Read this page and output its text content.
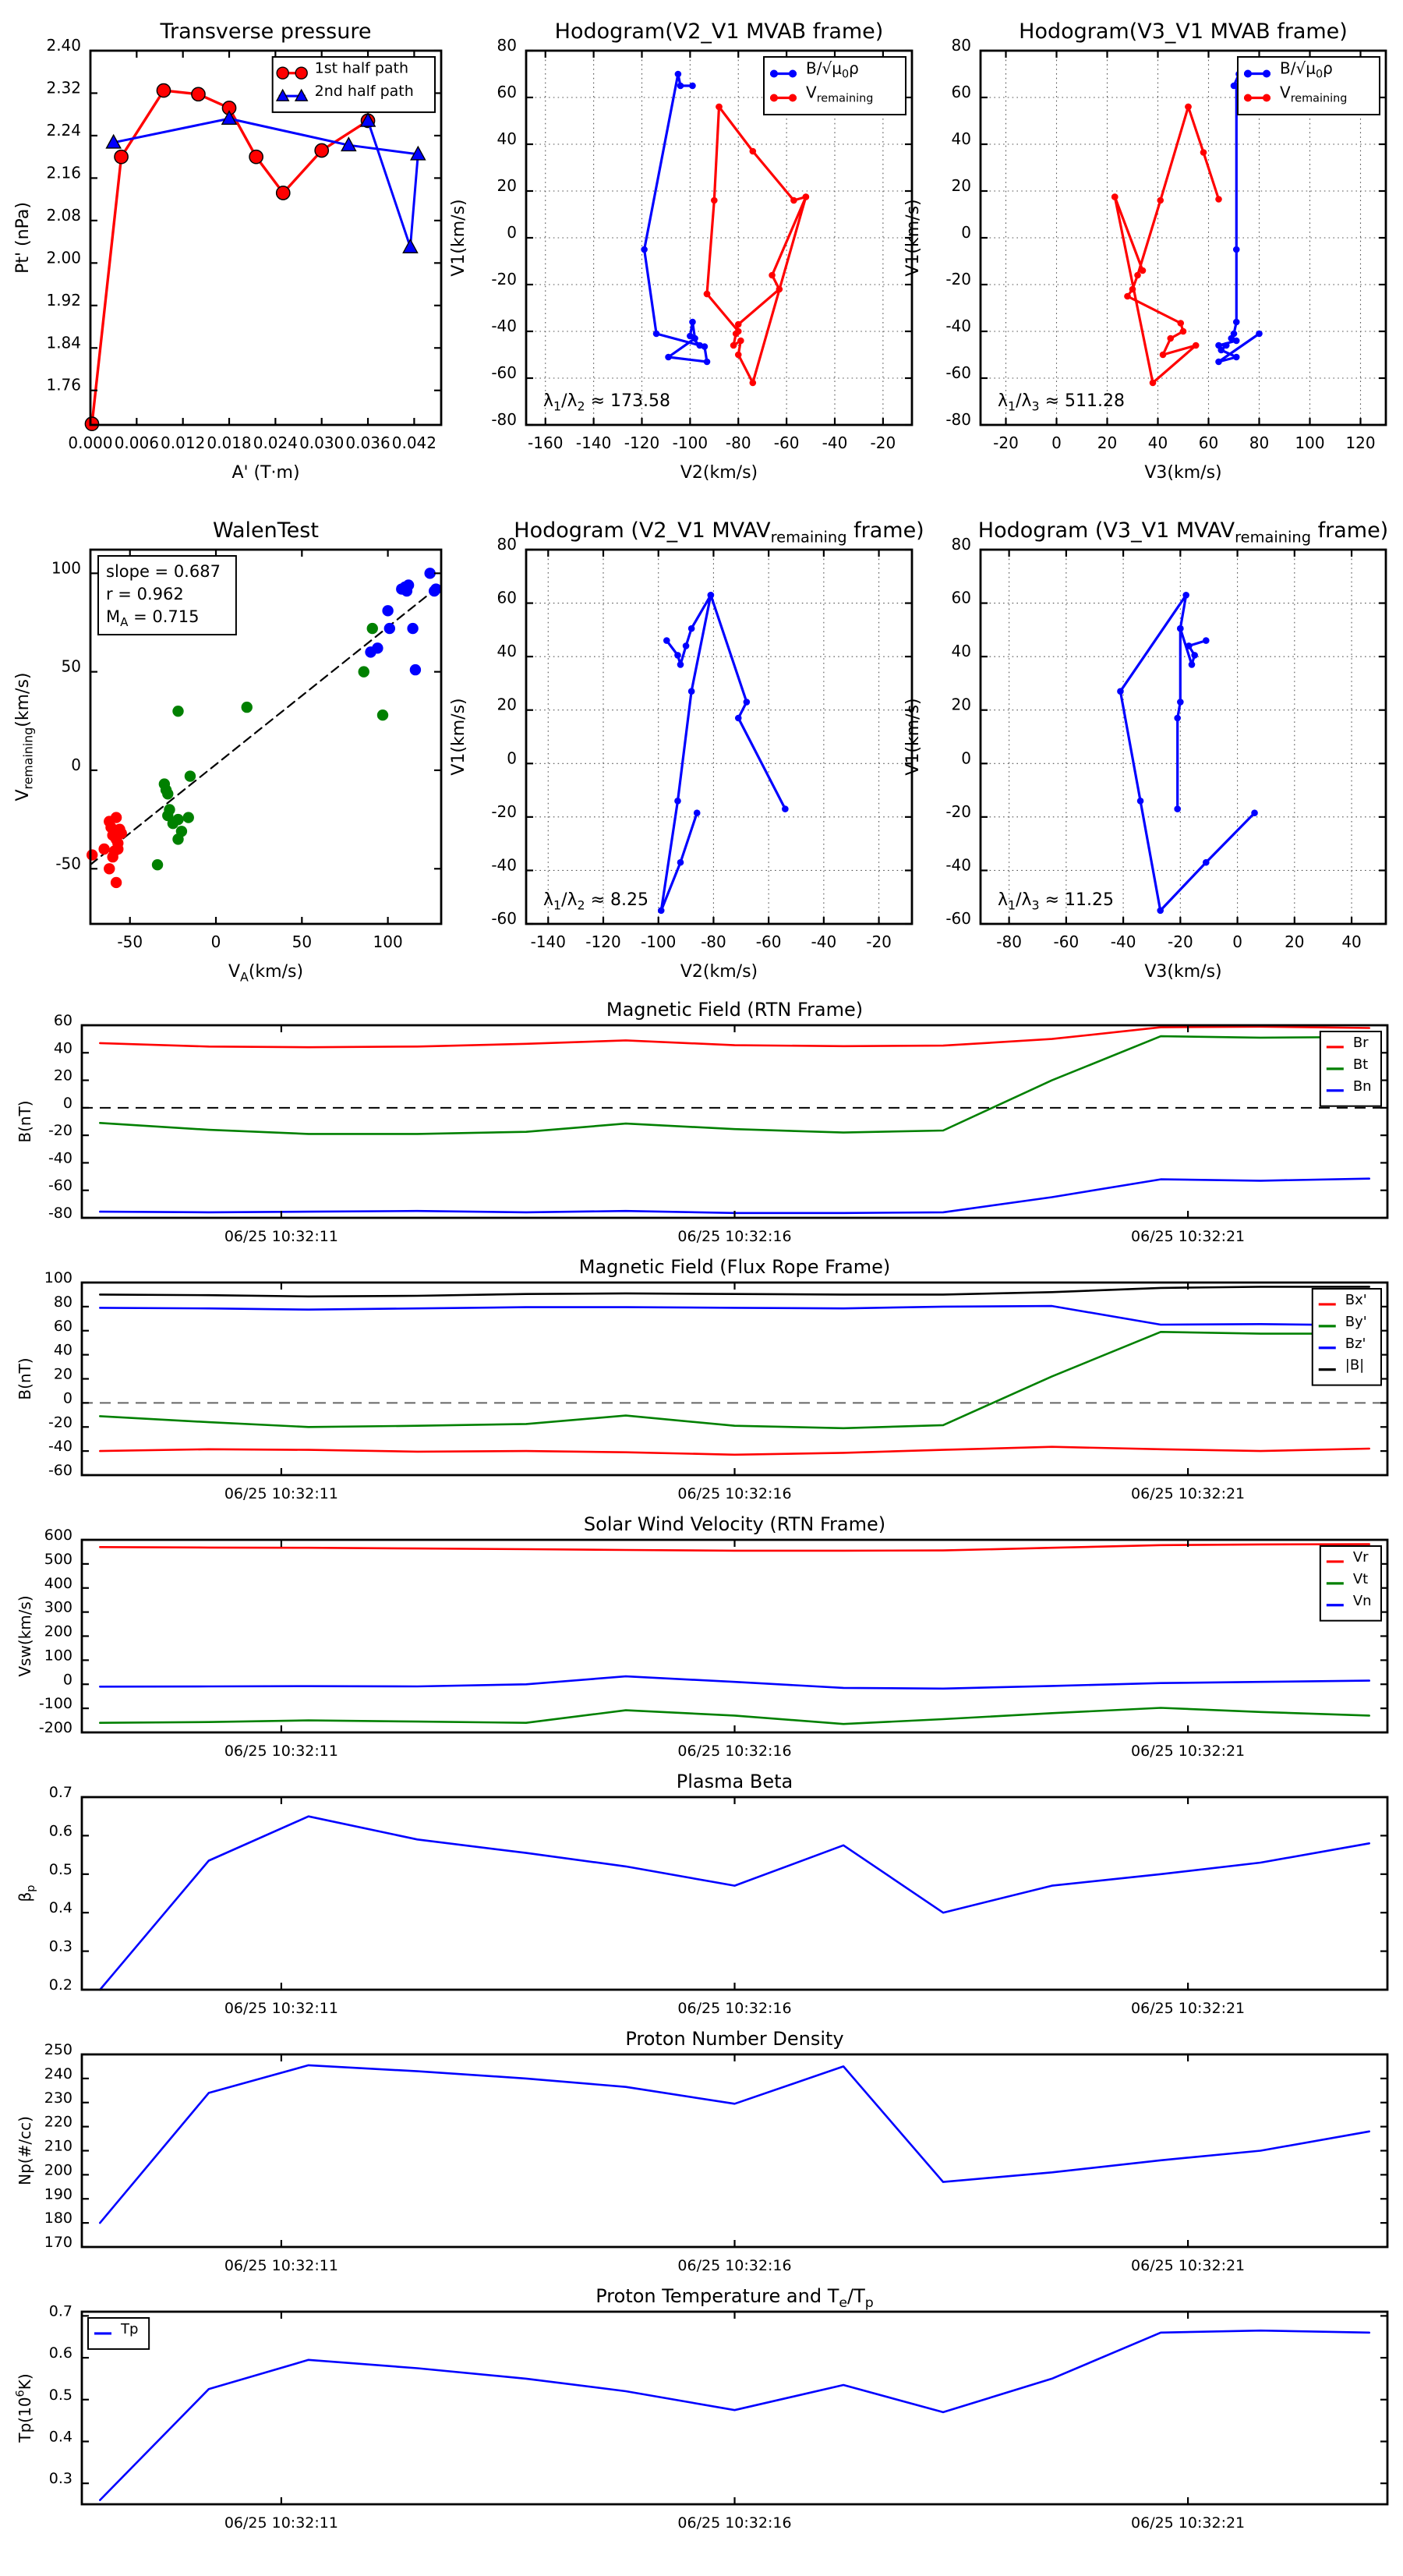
0.000 0.006 0.012 0.018 0.024 0.030 0.036 0.042
2.40
2.32
2.24
2.16
2.08
2.00
1.92
1.84
1.76
Transverse pressure
A' (T·m)
Pt' (nPa)
1st half path
2nd half path
-160 -140 -120 -100 -80 -60 -40 -20
80
60
40
20
0
-20
-40
-60
-80
Hodogram(V2_V1 MVAB frame)
V2(km/s)
V1(km/s)
$B/√\mu_0\rho$
$V_{remaining}$
$\lambda_1/\lambda_2 \approx 173.58$
-20 0 20 40 60 80 100 120
80
60
40
20
0
-20
-40
-60
-80
Hodogram(V3_V1 MVAB frame)
V3(km/s)
V1(km/s)
$B/√\mu_0\rho$
$V_{remaining}$
$\lambda_1/\lambda_3 \approx 511.28$
-50	0	50	100
100
50
0
-50
WalenTest
$V_A(km/s)$
$V_{remaining}(km/s)$
slope = 0.687
r = 0.962
$M_A = 0.715$
-140 -120 -100 -80 -60 -40 -20
80
60
40
20
0
-20
-40
-60
Hodogram (V2_V1 $MVAV_{remaining}$ frame)
V2(km/s)
V1(km/s)
$\lambda_1/\lambda_2 \approx 8.25$
-80 -60 -40 -20	0	20 40
80
60
40
20
0
-20
-40
-60
Hodogram (V3_V1 $MVAV_{remaining}$ frame)
V3(km/s)
V1(km/s)
$\lambda_1/\lambda_3 \approx 11.25$
06/25 10:32:11	06/25 10:32:16	06/25 10:32:21
60
40
20
0
-20
-40
-60
-80
Magnetic Field (RTN Frame)
B(nT)
Br
Bt
Bn
06/25 10:32:11	06/25 10:32:16	06/25 10:32:21
100
80
60
40
20
0
-20
-40
-60
Magnetic Field (Flux Rope Frame)
B(nT)
Bx'
By'
Bz'
|B|
06/25 10:32:11	06/25 10:32:16	06/25 10:32:21
600
500
400
300
200
100
0
-100
-200
Solar Wind Velocity (RTN Frame)
Vsw(km/s)
Vr
Vt
Vn
06/25 10:32:11	06/25 10:32:16	06/25 10:32:21
0.7
0.6
0.5
0.4
0.3
0.2
Plasma Beta
$\beta_p$
06/25 10:32:11	06/25 10:32:16	06/25 10:32:21
250
240
230
220
210
200
190
180
170
Proton Number Density
Np(#/cc)
06/25 10:32:11	06/25 10:32:16	06/25 10:32:21
0.7
0.6
0.5
0.4
0.3
Proton Temperature and $T_e/T_p$
$Tp(10^6K)$
Tp
